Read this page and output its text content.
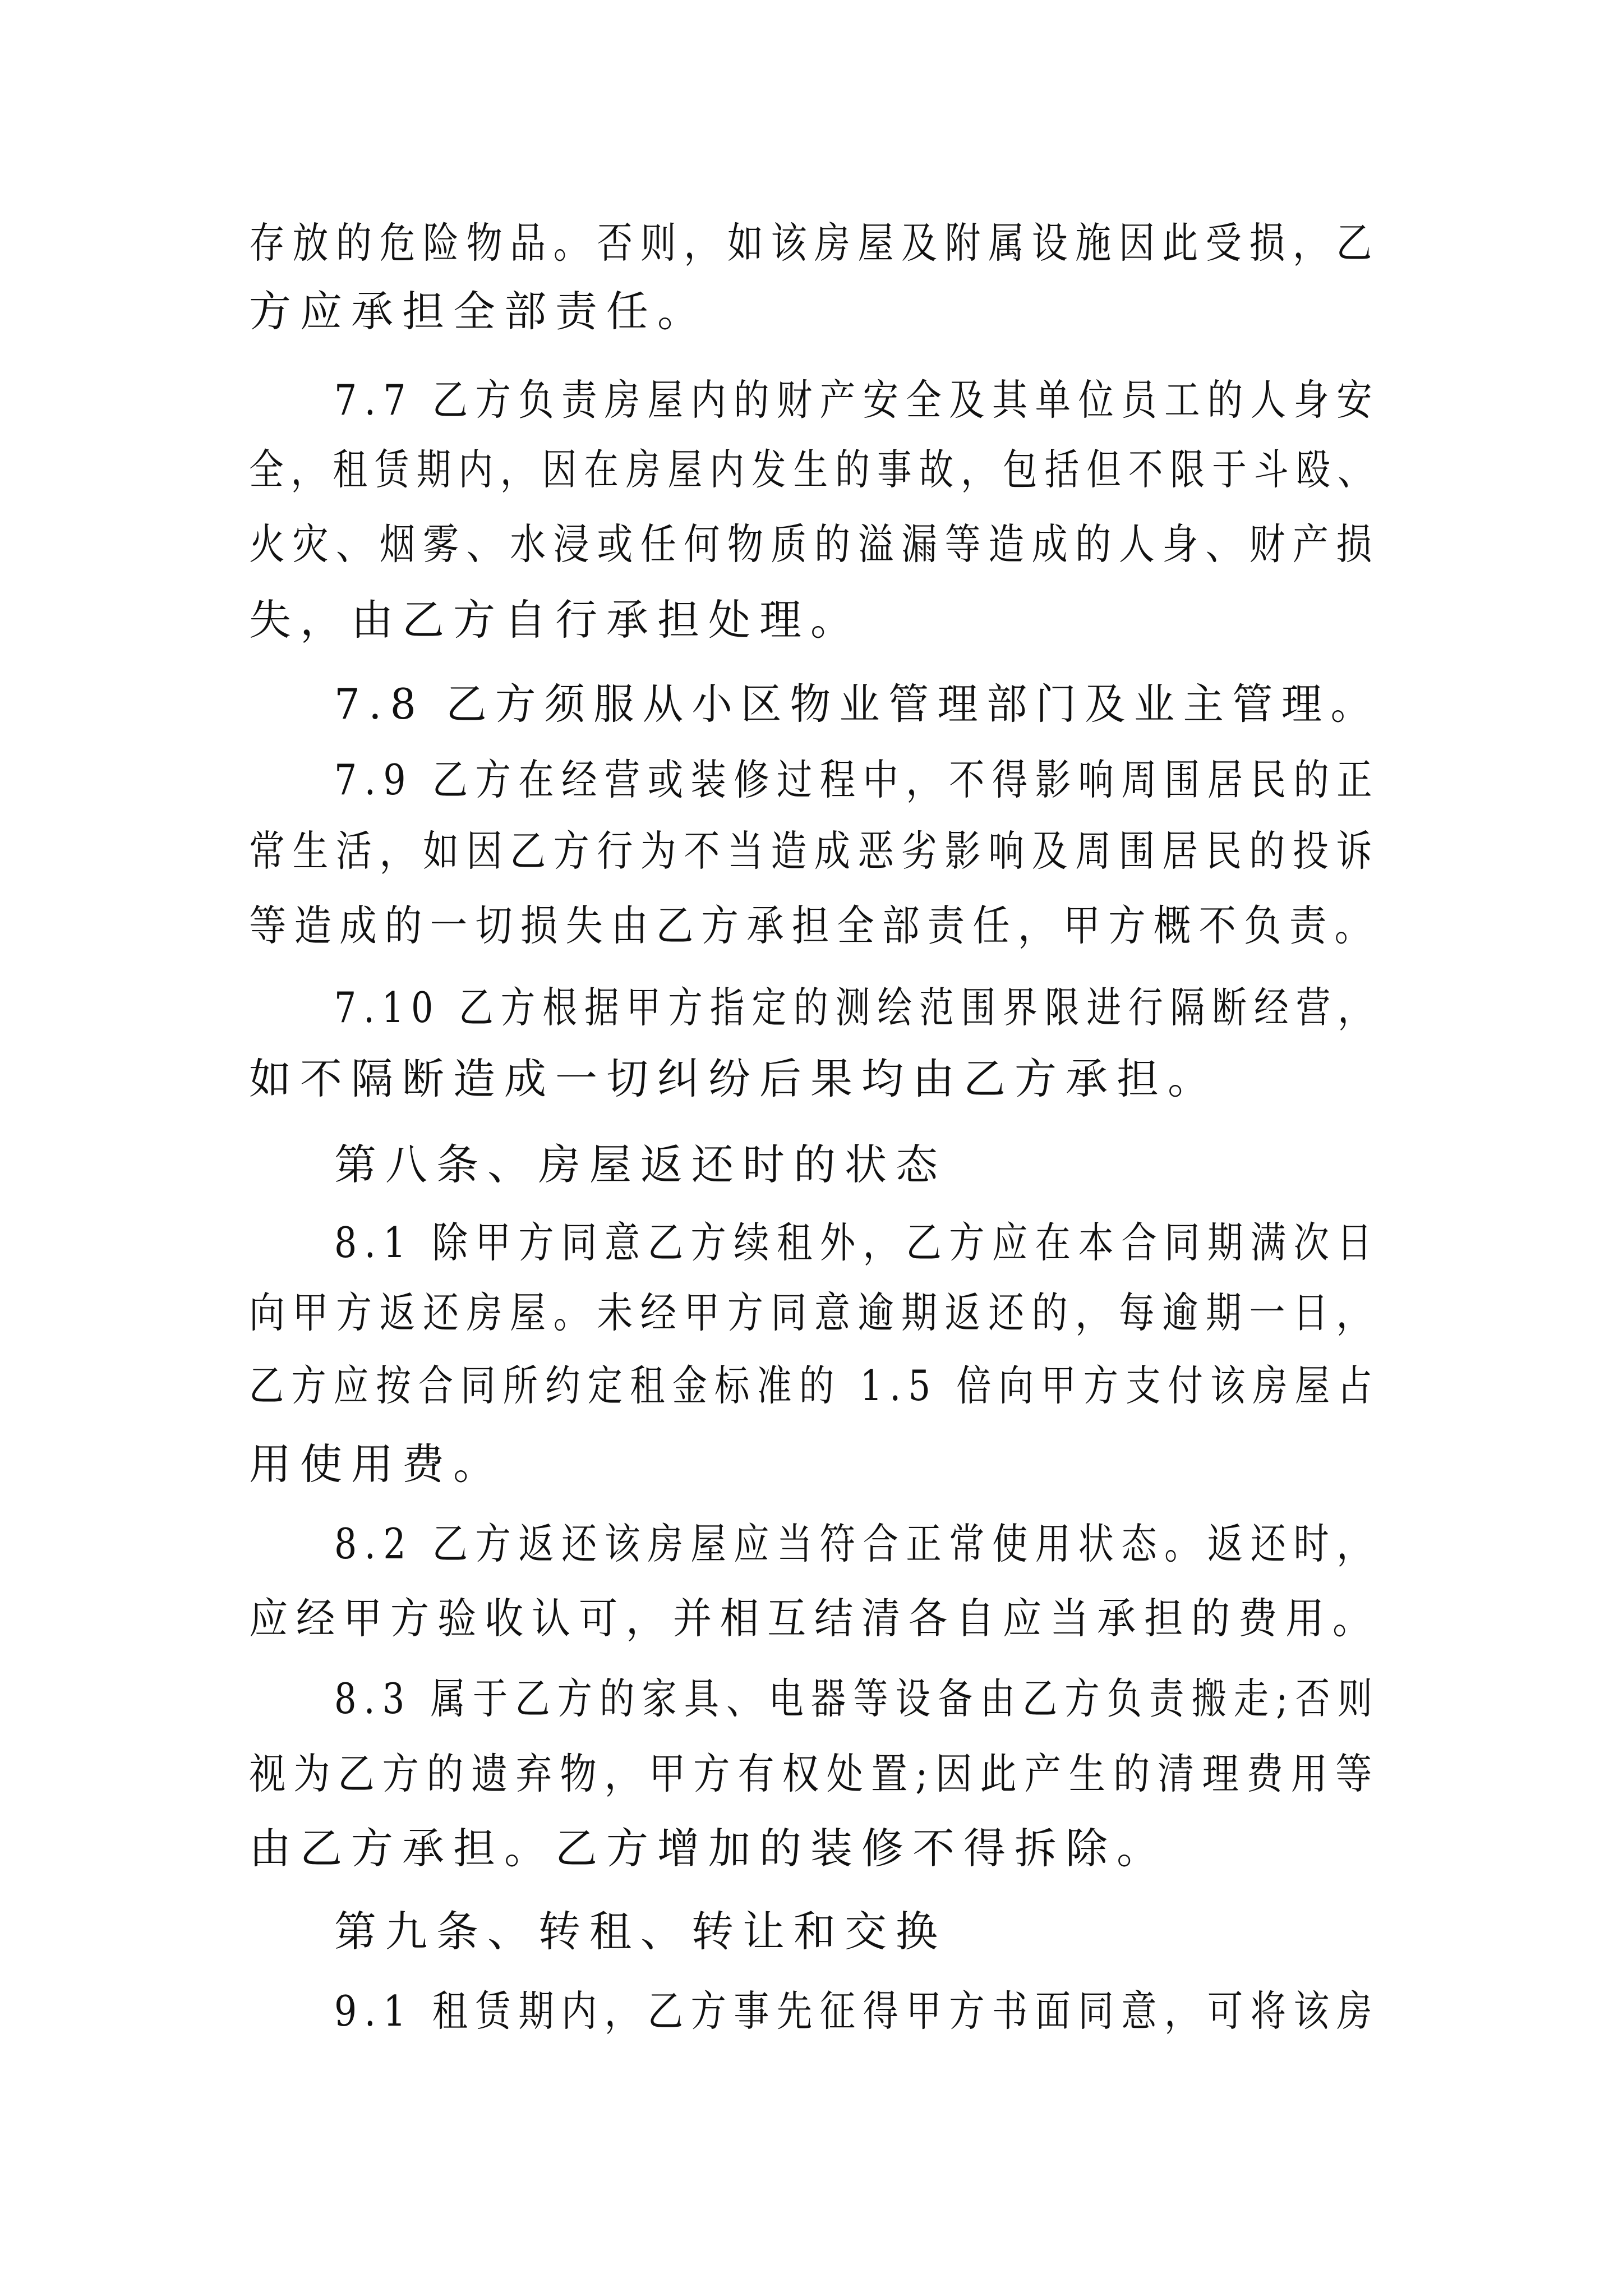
存放的危险物品。否则，如该房屋及附属设施因此受损，乙

方应承担全部责任。

7.7 乙方负责房屋内的财产安全及其单位员工的人身安

全，租赁期内，因在房屋内发生的事故，包括但不限于斗殴、

火灾、烟雾、水浸或任何物质的溢漏等造成的人身、财产损

失，由乙方自行承担处理。

7.8 乙方须服从小区物业管理部门及业主管理。

7.9 乙方在经营或装修过程中，不得影响周围居民的正

常生活，如因乙方行为不当造成恶劣影响及周围居民的投诉

等造成的一切损失由乙方承担全部责任，甲方概不负责。

7.10 乙方根据甲方指定的测绘范围界限进行隔断经营，

如不隔断造成一切纠纷后果均由乙方承担。

第八条、房屋返还时的状态

8.1 除甲方同意乙方续租外，乙方应在本合同期满次日

向甲方返还房屋。未经甲方同意逾期返还的，每逾期一日，

乙方应按合同所约定租金标准的 1.5 倍向甲方支付该房屋占

用使用费。

8.2 乙方返还该房屋应当符合正常使用状态。返还时，

应经甲方验收认可，并相互结清各自应当承担的费用。

8.3 属于乙方的家具、电器等设备由乙方负责搬走;否则

视为乙方的遗弃物，甲方有权处置;因此产生的清理费用等

由乙方承担。乙方增加的装修不得拆除。

第九条、转租、转让和交换

9.1 租赁期内，乙方事先征得甲方书面同意，可将该房
